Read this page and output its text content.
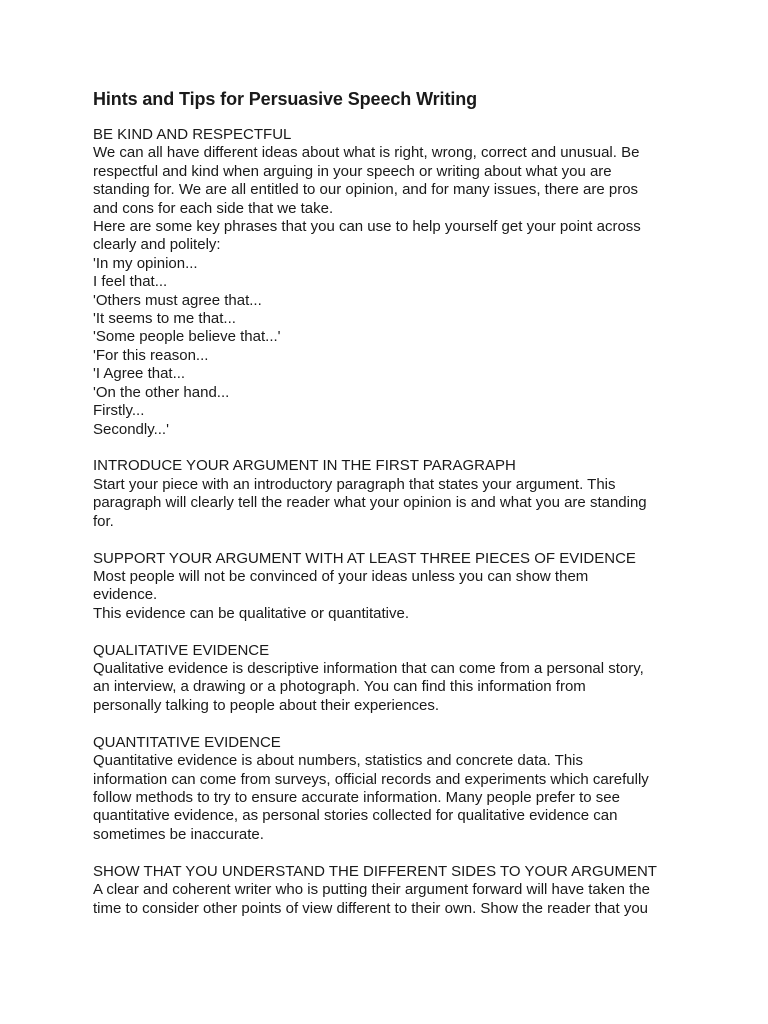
Hints and Tips for Persuasive Speech Writing

BE KIND AND RESPECTFUL

We can all have different ideas about what is right, wrong, correct and unusual. Be

respectful and kind when arguing in your speech or writing about what you are

standing for. We are all entitled to our opinion, and for many issues, there are pros

and cons for each side that we take.

Here are some key phrases that you can use to help yourself get your point across

clearly and politely:

'In my opinion...

I feel that...

'Others must agree that...

'It seems to me that...

'Some people believe that...'

'For this reason...

'I Agree that...

'On the other hand...

Firstly...

Secondly...'

INTRODUCE YOUR ARGUMENT IN THE FIRST PARAGRAPH

Start your piece with an introductory paragraph that states your argument. This

paragraph will clearly tell the reader what your opinion is and what you are standing

for.

SUPPORT YOUR ARGUMENT WITH AT LEAST THREE PIECES OF EVIDENCE

Most people will not be convinced of your ideas unless you can show them

evidence.

This evidence can be qualitative or quantitative.

QUALITATIVE EVIDENCE

Qualitative evidence is descriptive information that can come from a personal story,

an interview, a drawing or a photograph. You can find this information from

personally talking to people about their experiences.

QUANTITATIVE EVIDENCE

Quantitative evidence is about numbers, statistics and concrete data. This

information can come from surveys, official records and experiments which carefully

follow methods to try to ensure accurate information. Many people prefer to see

quantitative evidence, as personal stories collected for qualitative evidence can

sometimes be inaccurate.

SHOW THAT YOU UNDERSTAND THE DIFFERENT SIDES TO YOUR ARGUMENT

A clear and coherent writer who is putting their argument forward will have taken the

time to consider other points of view different to their own. Show the reader that you
